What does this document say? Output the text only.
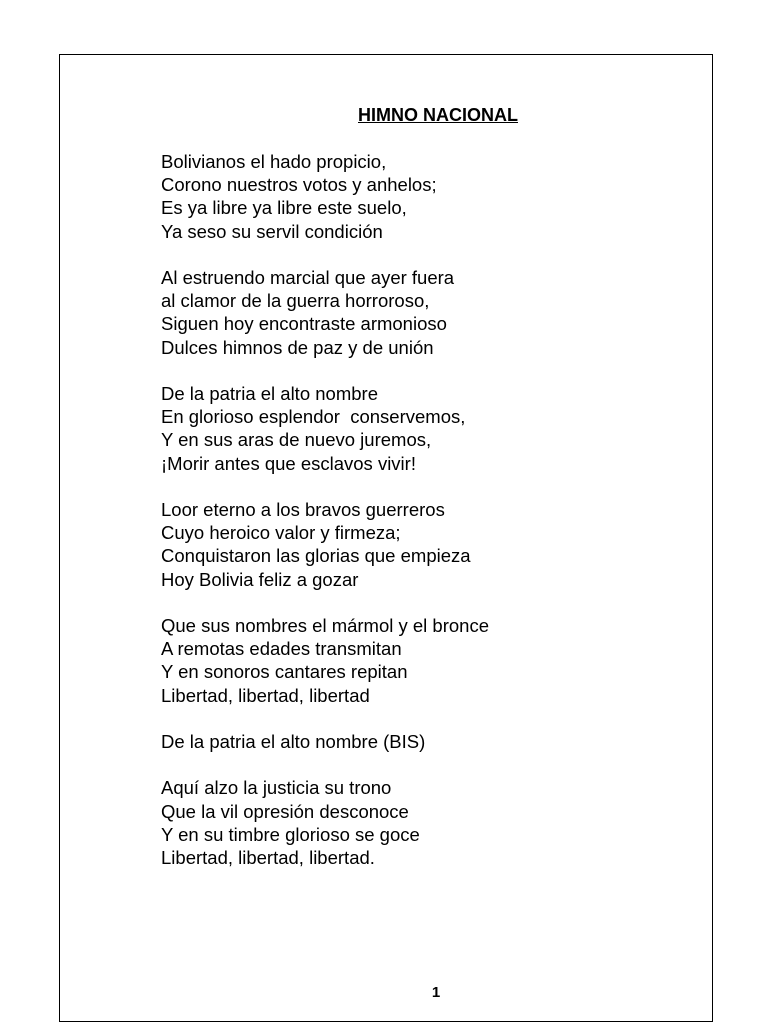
HIMNO NACIONAL
Bolivianos el hado propicio,
Corono nuestros votos y anhelos;
Es ya libre ya libre este suelo,
Ya seso su servil condición
Al estruendo marcial que ayer fuera
al clamor de la guerra horroroso,
Siguen hoy encontraste armonioso
Dulces himnos de paz y de unión
De la patria el alto nombre
En glorioso esplendor  conservemos,
Y en sus aras de nuevo juremos,
¡Morir antes que esclavos vivir!
Loor eterno a los bravos guerreros
Cuyo heroico valor y firmeza;
Conquistaron las glorias que empieza
Hoy Bolivia feliz a gozar
Que sus nombres el mármol y el bronce
A remotas edades transmitan
Y en sonoros cantares repitan
Libertad, libertad, libertad
De la patria el alto nombre (BIS)
Aquí alzo la justicia su trono
Que la vil opresión desconoce
Y en su timbre glorioso se goce
Libertad, libertad, libertad.
1
